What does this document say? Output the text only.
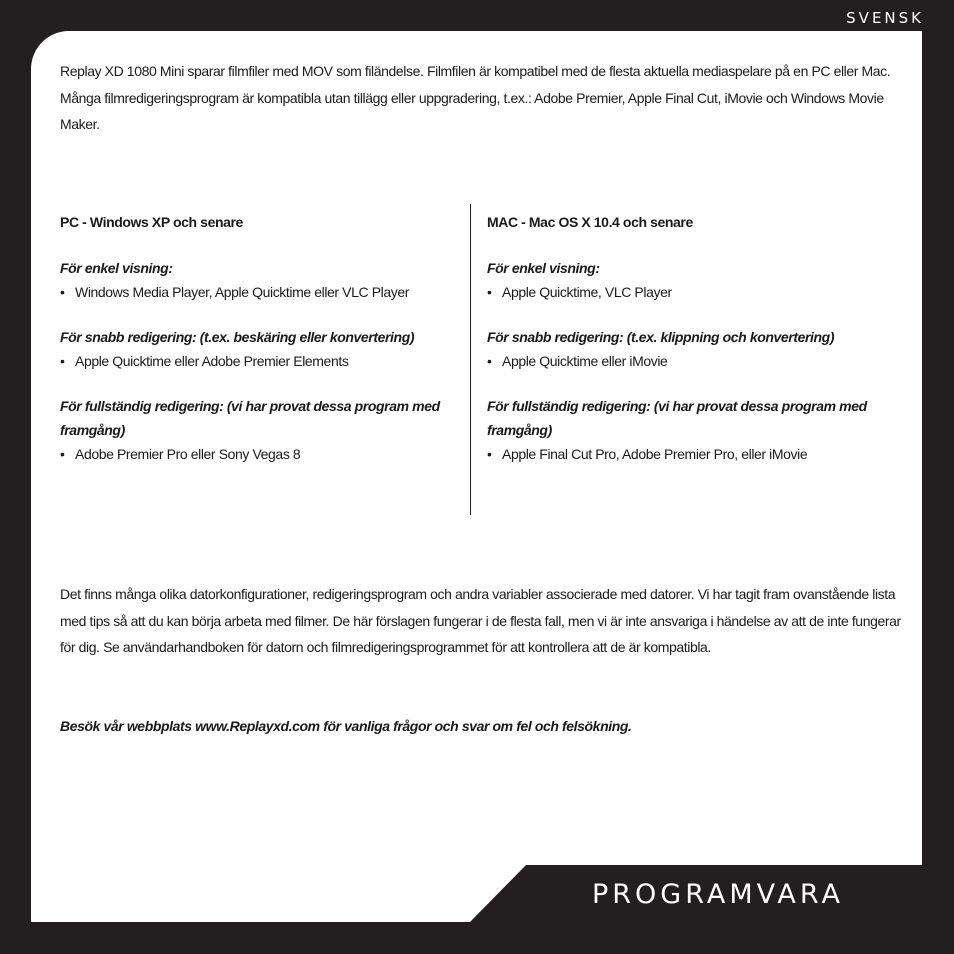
SVENSK
Replay XD 1080 Mini sparar filmfiler med MOV som filändelse. Filmfilen är kompatibel med de flesta aktuella mediaspelare på en PC eller Mac. Många filmredigeringsprogram är kompatibla utan tillägg eller uppgradering, t.ex.: Adobe Premier, Apple Final Cut, iMovie och Windows Movie Maker.
PC - Windows XP och senare
För enkel visning:
• Windows Media Player, Apple Quicktime eller VLC Player
För snabb redigering: (t.ex. beskäring eller konvertering)
• Apple Quicktime eller Adobe Premier Elements
För fullständig redigering: (vi har provat dessa program med framgång)
• Adobe Premier Pro eller Sony Vegas 8
MAC - Mac OS X 10.4 och senare
För enkel visning:
• Apple Quicktime, VLC Player
För snabb redigering: (t.ex. klippning och konvertering)
• Apple Quicktime eller iMovie
För fullständig redigering: (vi har provat dessa program med framgång)
• Apple Final Cut Pro, Adobe Premier Pro, eller iMovie
Det finns många olika datorkonfigurationer, redigeringsprogram och andra variabler associerade med datorer. Vi har tagit fram ovanstående lista med tips så att du kan börja arbeta med filmer. De här förslagen fungerar i de flesta fall, men vi är inte ansvariga i händelse av att de inte fungerar för dig. Se användarhandboken för datorn och filmredigeringsprogrammet för att kontrollera att de är kompatibla.
Besök vår webbplats www.Replayxd.com för vanliga frågor och svar om fel och felsökning.
PROGRAMVARA
